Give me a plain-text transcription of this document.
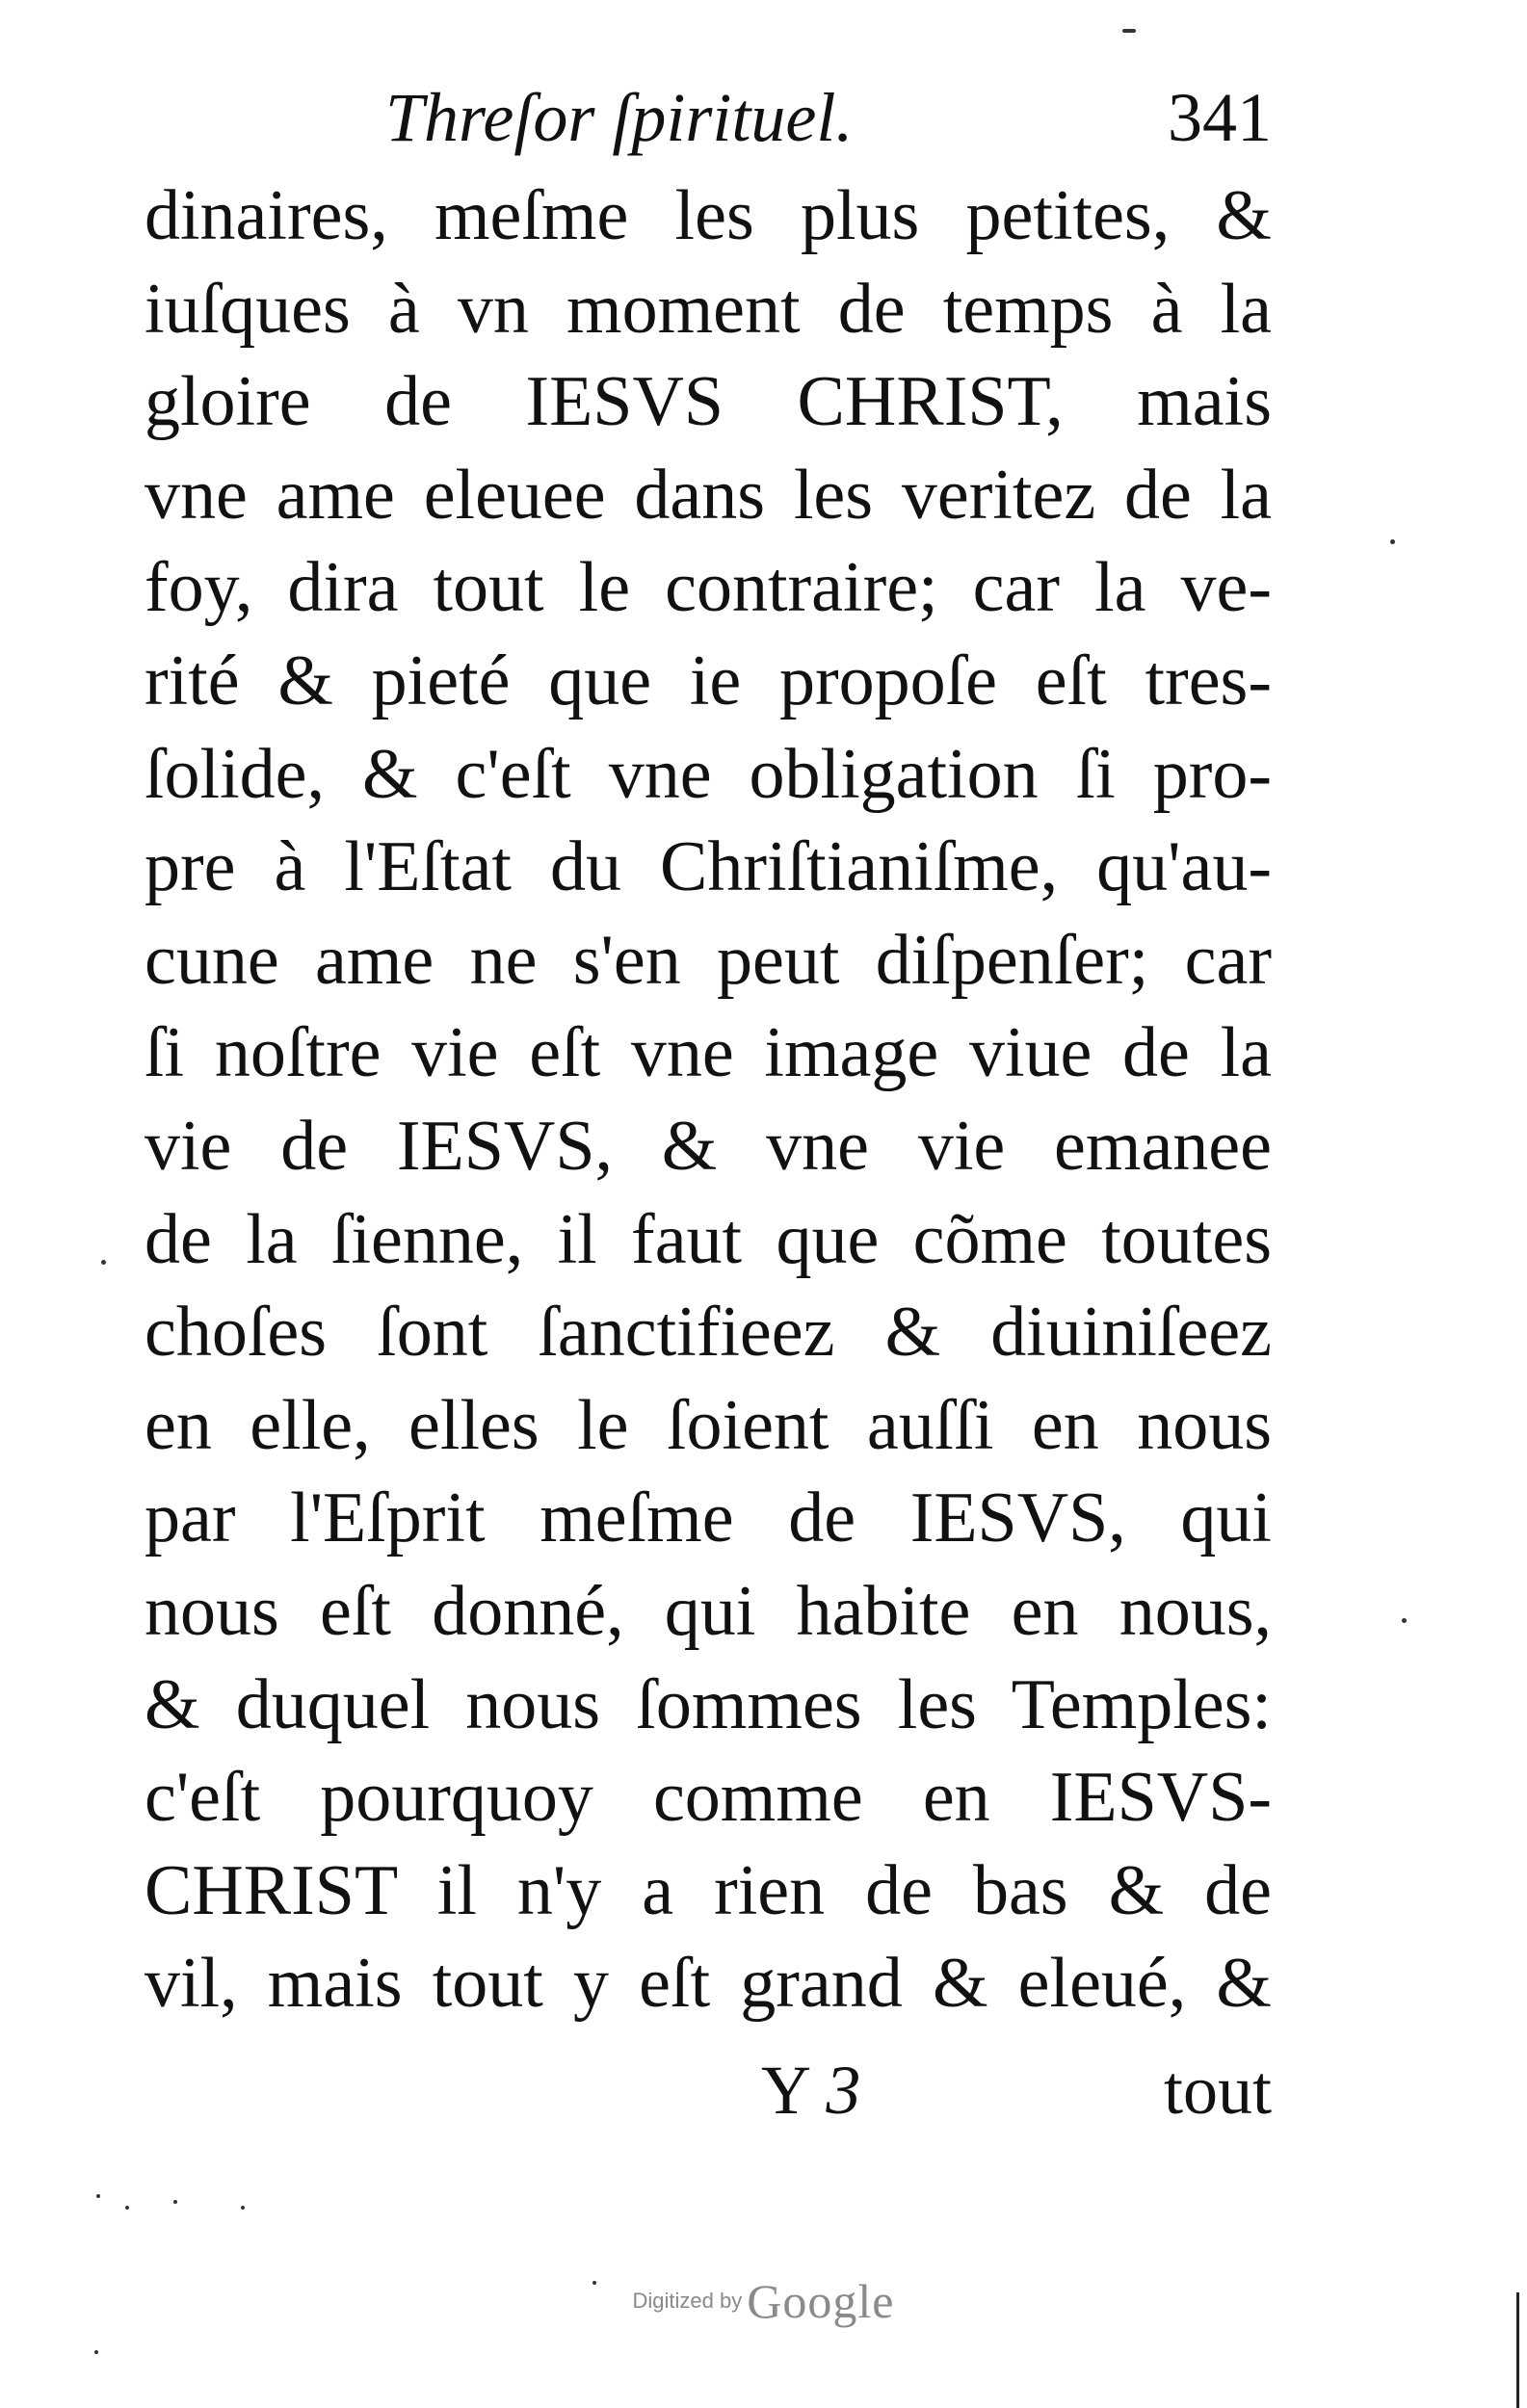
Threſor ſpirituel.	341
dinaires, meſme les plus petites, &
iuſques à vn moment de temps à la
gloire de IESVS CHRIST, mais
vne ame eleuee dans les veritez de la
foy, dira tout le contraire; car la ve-
rité & pieté que ie propoſe eſt tres-
ſolide, & c'eſt vne obligation ſi pro-
pre à l'Eſtat du Chriſtianiſme, qu'au-
cune ame ne s'en peut diſpenſer; car
ſi noſtre vie eſt vne image viue de la
vie de IESVS, & vne vie emanee
de la ſienne, il faut que cõme toutes
choſes ſont ſanctifieez & diuiniſeez
en elle, elles le ſoient auſſi en nous
par l'Eſprit meſme de IESVS, qui
nous eſt donné, qui habite en nous,
& duquel nous ſommes les Temples:
c'eſt pourquoy comme en IESVS-
CHRIST il n'y a rien de bas & de
vil, mais tout y eſt grand & eleué, &
Y 3	tout
Digitized by Google
